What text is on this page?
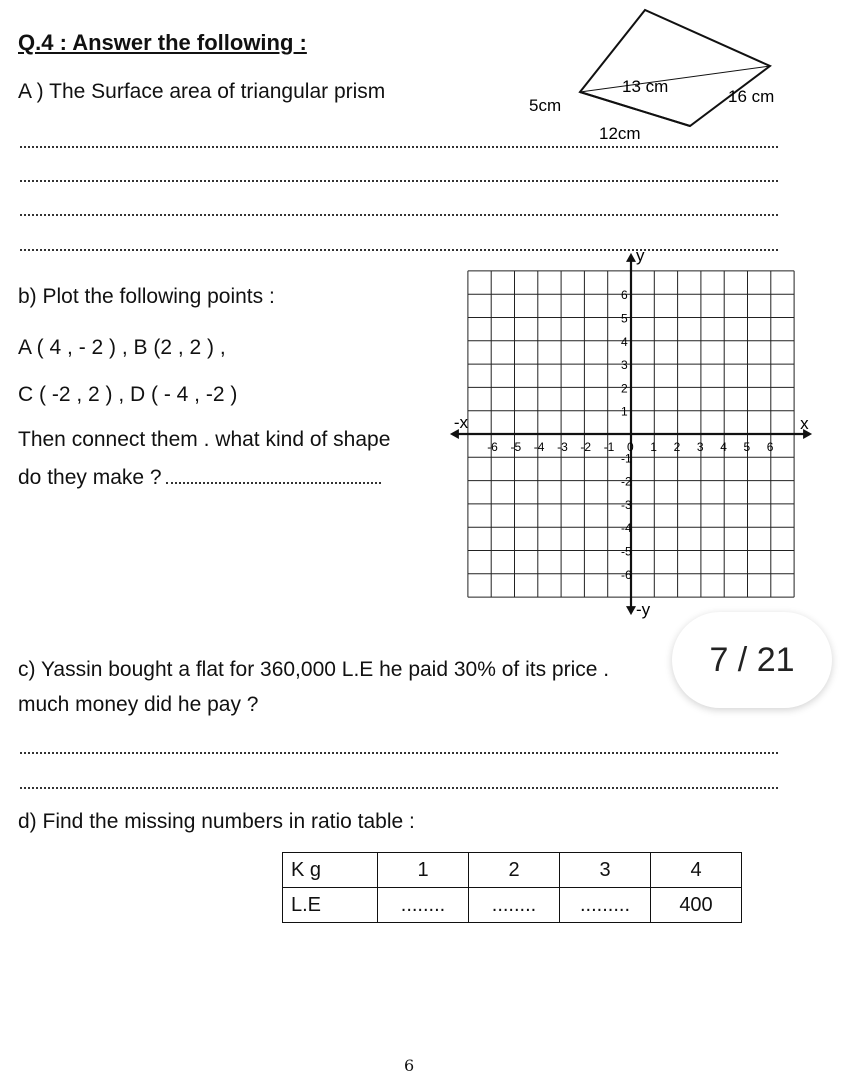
Q.4 : Answer the following :
A ) The Surface area of triangular prism	13 cm
5cm	16 cm
12cm
b) Plot the following points :
A ( 4 , - 2 ) , B (2 , 2 ) ,
C ( -2 , 2 ) , D ( - 4 , -2 )
Then connect them . what kind of shape
do they make ?
y
-y
x
-x
-6 -5 -4 -3 -2 -1 0 1 2 3 4 5 6
6
5
4
3
2
1
-1
-2
-3
-4
-5
-6
c) Yassin bought a flat for 360,000 L.E he paid 30% of its price .
much money did he pay ?
d) Find the missing numbers in ratio table :
K g	1	2	3	4
L.E	........	........	.........	400
7 / 21
6
